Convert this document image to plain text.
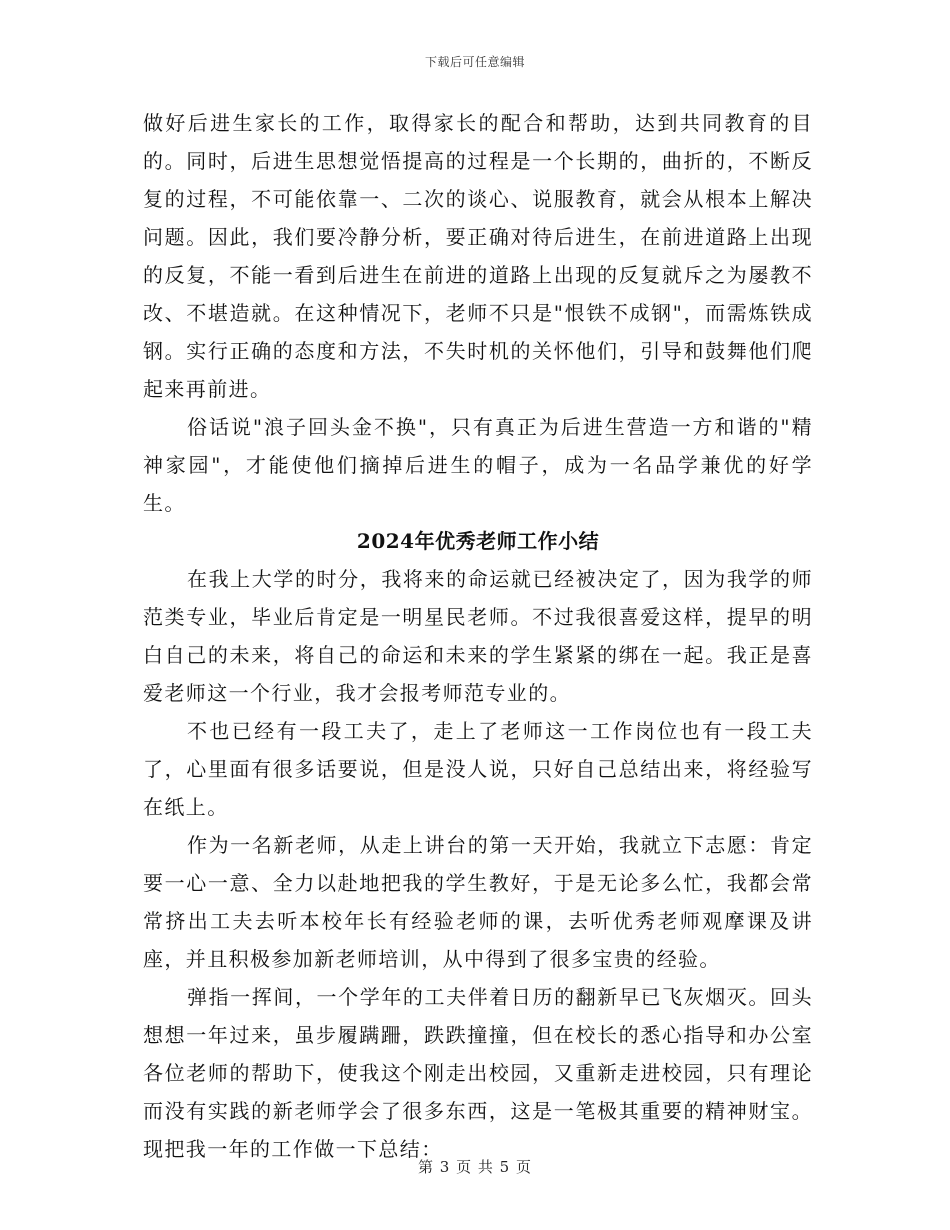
下载后可任意编辑

做好后进生家长的工作，取得家长的配合和帮助，达到共同教育的目的。同时，后进生思想觉悟提高的过程是一个长期的，曲折的，不断反复的过程，不可能依靠一、二次的谈心、说服教育，就会从根本上解决问题。因此，我们要冷静分析，要正确对待后进生，在前进道路上出现的反复，不能一看到后进生在前进的道路上出现的反复就斥之为屡教不改、不堪造就。在这种情况下，老师不只是"恨铁不成钢"，而需炼铁成钢。实行正确的态度和方法，不失时机的关怀他们，引导和鼓舞他们爬起来再前进。

俗话说"浪子回头金不换"，只有真正为后进生营造一方和谐的"精神家园"，才能使他们摘掉后进生的帽子，成为一名品学兼优的好学生。

2024年优秀老师工作小结

在我上大学的时分，我将来的命运就已经被决定了，因为我学的师范类专业，毕业后肯定是一明星民老师。不过我很喜爱这样，提早的明白自己的未来，将自己的命运和未来的学生紧紧的绑在一起。我正是喜爱老师这一个行业，我才会报考师范专业的。

不也已经有一段工夫了，走上了老师这一工作岗位也有一段工夫了，心里面有很多话要说，但是没人说，只好自己总结出来，将经验写在纸上。

作为一名新老师，从走上讲台的第一天开始，我就立下志愿：肯定要一心一意、全力以赴地把我的学生教好，于是无论多么忙，我都会常常挤出工夫去听本校年长有经验老师的课，去听优秀老师观摩课及讲座，并且积极参加新老师培训，从中得到了很多宝贵的经验。

弹指一挥间，一个学年的工夫伴着日历的翻新早已飞灰烟灭。回头想想一年过来，虽步履蹒跚，跌跌撞撞，但在校长的悉心指导和办公室各位老师的帮助下，使我这个刚走出校园，又重新走进校园，只有理论而没有实践的新老师学会了很多东西，这是一笔极其重要的精神财宝。现把我一年的工作做一下总结：

第 3 页 共 5 页
